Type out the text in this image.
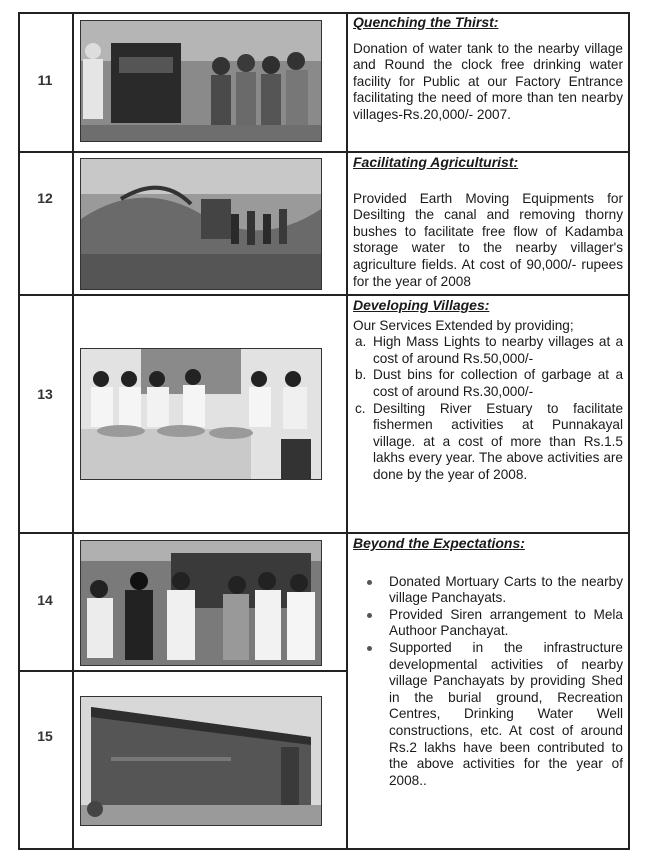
11

Quenching the Thirst:

Donation of water tank to the nearby village and Round the clock free drinking water facility for Public at our Factory Entrance facilitating the need of more than ten nearby villages-Rs.20,000/- 2007.

12

Facilitating Agriculturist:

Provided Earth Moving Equipments for Desilting the canal and removing thorny bushes to facilitate free flow of Kadamba storage water to the nearby villager's agriculture fields. At cost of 90,000/- rupees for the year of 2008

13

Developing Villages:

Our Services Extended by providing;

a. High Mass Lights to nearby villages at a cost of around Rs.50,000/-
b. Dust bins for collection of garbage at a cost of around Rs.30,000/-
c. Desilting River Estuary to facilitate fishermen activities at Punnakayal village. at a cost of more than Rs.1.5 lakhs every year. The above activities are done by the year of 2008.
14

Beyond the Expectations:

Donated Mortuary Carts to the nearby village Panchayats.
Provided Siren arrangement to Mela Authoor Panchayat.
Supported in the infrastructure developmental activities of nearby village Panchayats by providing Shed in the burial ground, Recreation Centres, Drinking Water Well constructions, etc. At cost of around Rs.2 lakhs have been contributed to the above activities for the year of 2008..
15
